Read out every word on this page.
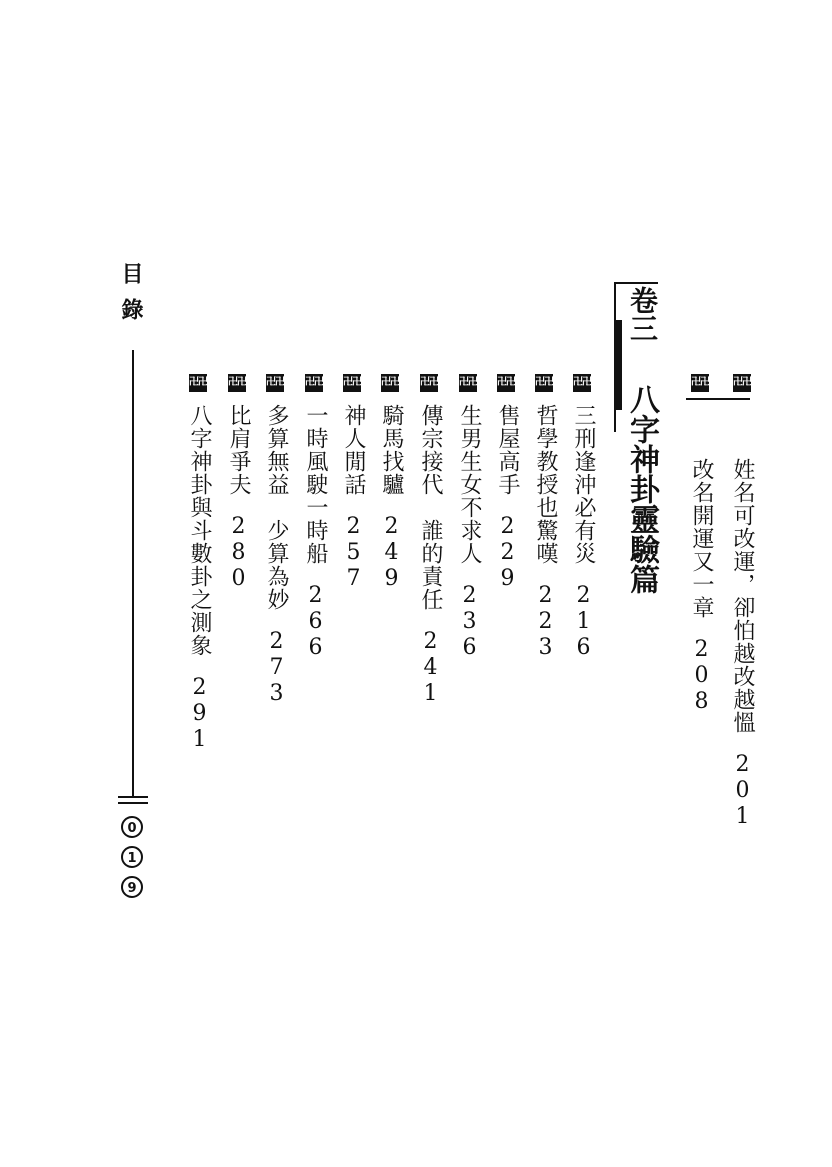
目錄
0
1
9
卷三
八字神卦靈驗篇
卍卍
卍卍
卍卍
卍卍
卍卍
卍卍
卍卍
卍卍
卍卍
卍卍
卍卍
卍卍
卍卍
姓名可改運，卻怕越改越慍201
改名開運又一章208
三刑逢沖必有災216
哲學教授也驚嘆223
售屋高手229
生男生女不求人236
傳宗接代　誰的責任241
騎馬找驢249
神人閒話257
一時風駛一時船266
多算無益　少算為妙273
比肩爭夫280
八字神卦與斗數卦之測象291
